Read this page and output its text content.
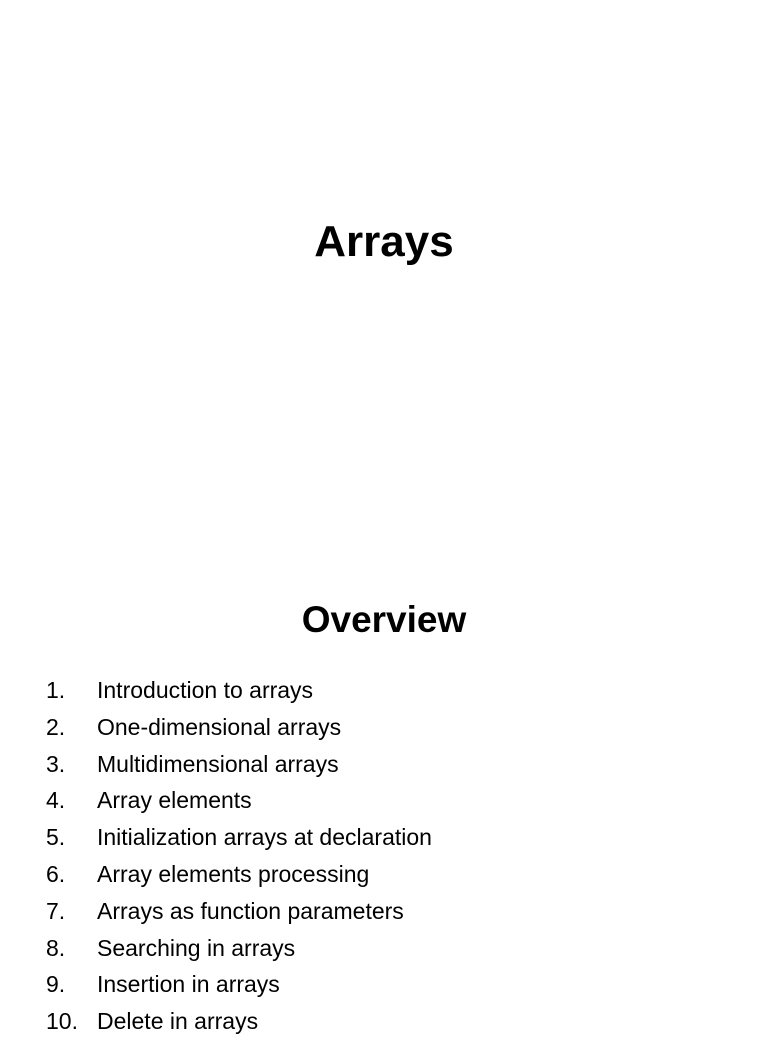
Arrays
Overview
1. Introduction to arrays
2. One-dimensional arrays
3. Multidimensional arrays
4. Array elements
5. Initialization arrays at declaration
6. Array elements processing
7. Arrays as function parameters
8. Searching in arrays
9. Insertion in arrays
10. Delete in arrays
